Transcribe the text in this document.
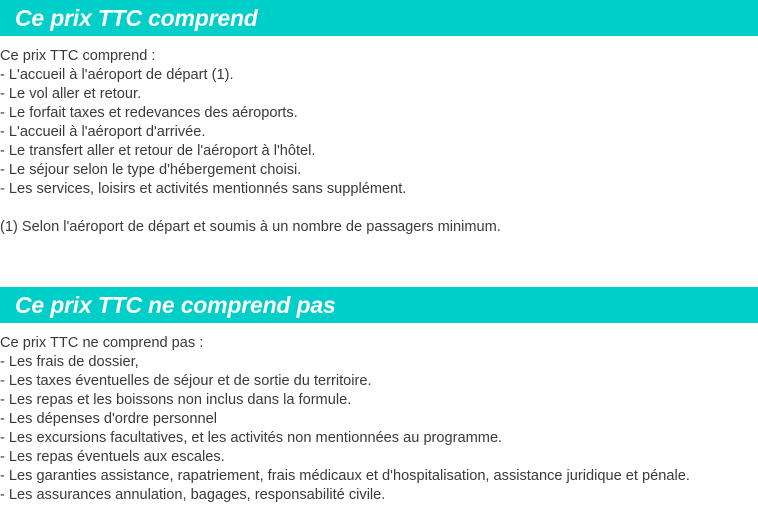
Ce prix TTC comprend
Ce prix TTC comprend :
- L'accueil à l'aéroport de départ (1).
- Le vol aller et retour.
- Le forfait taxes et redevances des aéroports.
- L'accueil à l'aéroport d'arrivée.
- Le transfert aller et retour de l'aéroport à l'hôtel.
- Le séjour selon le type d'hébergement choisi.
- Les services, loisirs et activités mentionnés sans supplément.
(1) Selon l'aéroport de départ et soumis à un nombre de passagers minimum.
Ce prix TTC ne comprend pas
Ce prix TTC ne comprend pas :
- Les frais de dossier,
- Les taxes éventuelles de séjour et de sortie du territoire.
- Les repas et les boissons non inclus dans la formule.
- Les dépenses d'ordre personnel
- Les excursions facultatives, et les activités non mentionnées au programme.
- Les repas éventuels aux escales.
- Les garanties assistance, rapatriement, frais médicaux et d'hospitalisation, assistance juridique et pénale.
- Les assurances annulation, bagages, responsabilité civile.
